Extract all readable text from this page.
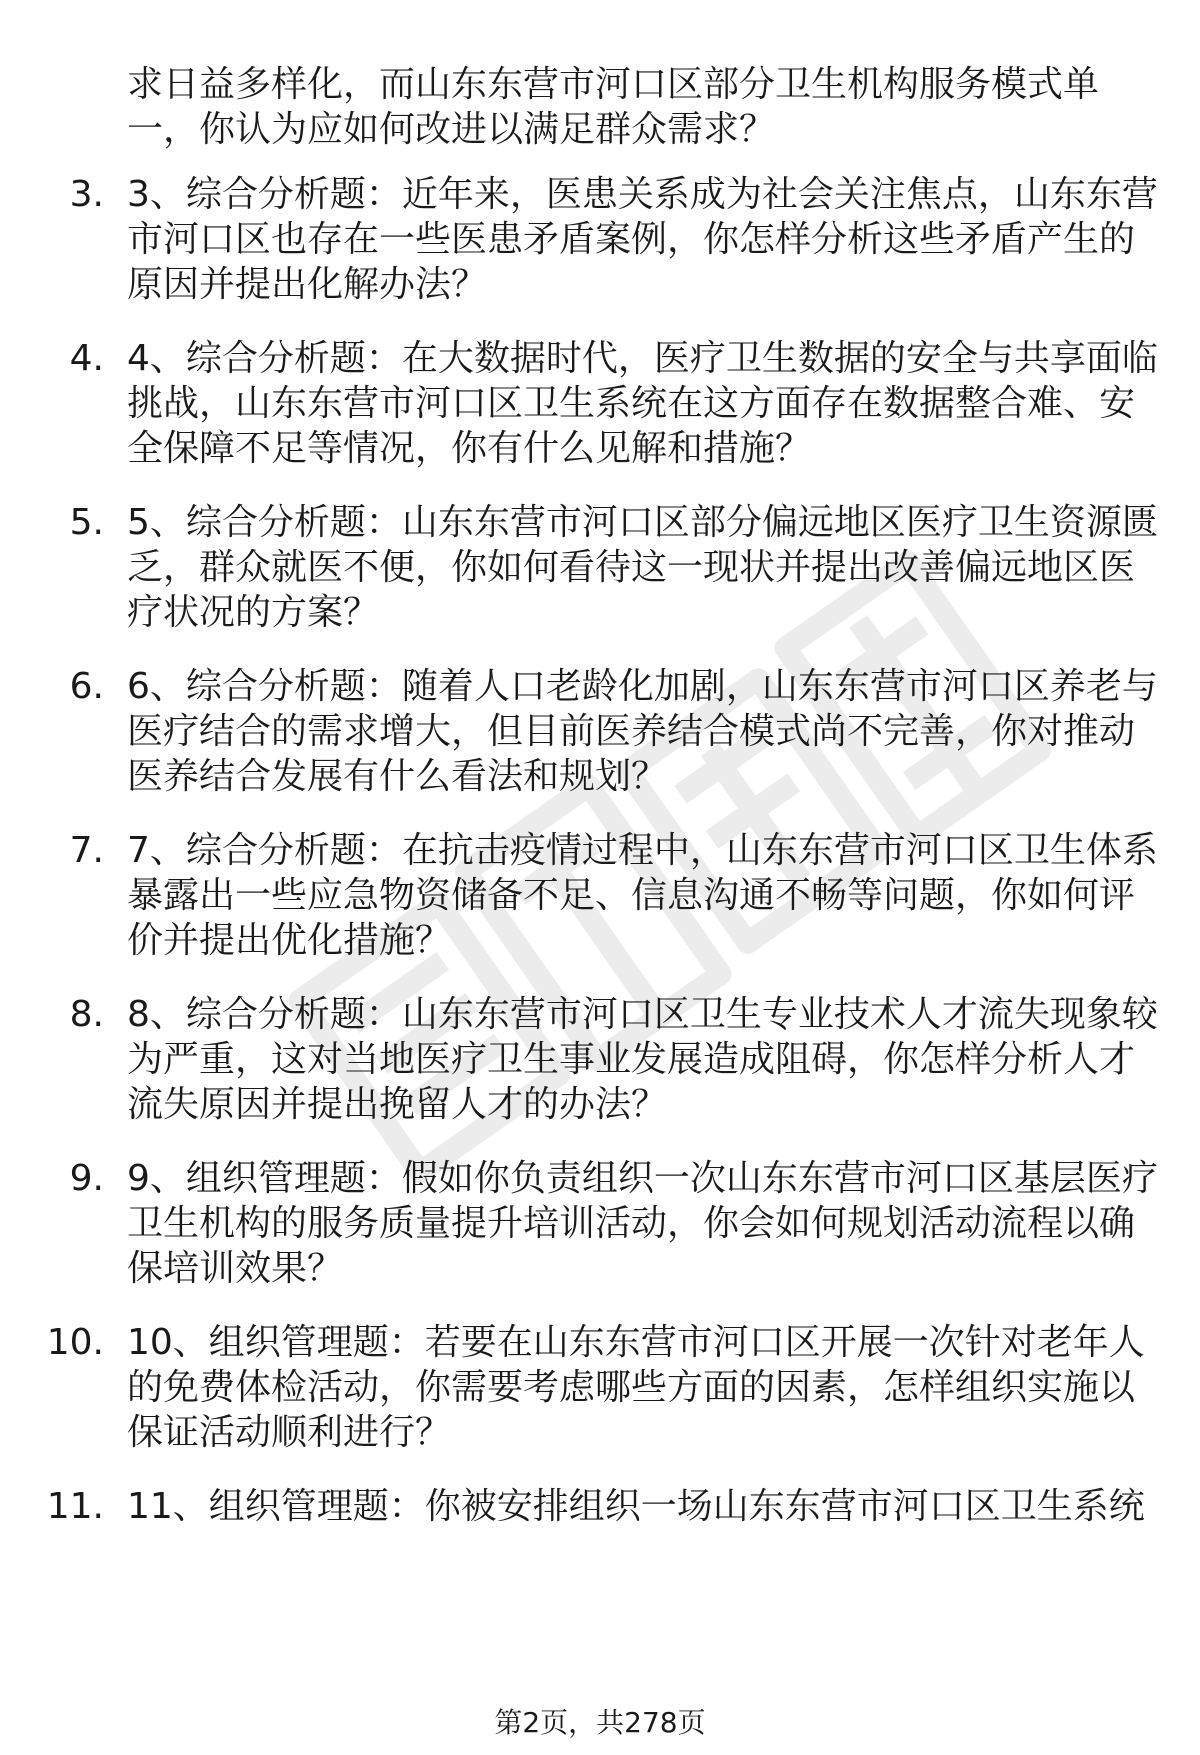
求日益多样化，而山东东营市河口区部分卫生机构服务模式单
一，你认为应如何改进以满足群众需求？
3. 3、综合分析题：近年来，医患关系成为社会关注焦点，山东东营
市河口区也存在一些医患矛盾案例，你怎样分析这些矛盾产生的
原因并提出化解办法？
4. 4、综合分析题：在大数据时代，医疗卫生数据的安全与共享面临
挑战，山东东营市河口区卫生系统在这方面存在数据整合难、安
全保障不足等情况，你有什么见解和措施？
5. 5、综合分析题：山东东营市河口区部分偏远地区医疗卫生资源匮
乏，群众就医不便，你如何看待这一现状并提出改善偏远地区医
疗状况的方案？
6. 6、综合分析题：随着人口老龄化加剧，山东东营市河口区养老与
医疗结合的需求增大，但目前医养结合模式尚不完善，你对推动
医养结合发展有什么看法和规划？
7. 7、综合分析题：在抗击疫情过程中，山东东营市河口区卫生体系
暴露出一些应急物资储备不足、信息沟通不畅等问题，你如何评
价并提出优化措施？
8. 8、综合分析题：山东东营市河口区卫生专业技术人才流失现象较
为严重，这对当地医疗卫生事业发展造成阻碍，你怎样分析人才
流失原因并提出挽留人才的办法？
9. 9、组织管理题：假如你负责组织一次山东东营市河口区基层医疗
卫生机构的服务质量提升培训活动，你会如何规划活动流程以确
保培训效果？
10. 10、组织管理题：若要在山东东营市河口区开展一次针对老年人
的免费体检活动，你需要考虑哪些方面的因素，怎样组织实施以
保证活动顺利进行？
11. 11、组织管理题：你被安排组织一场山东东营市河口区卫生系统
第2页，共278页
